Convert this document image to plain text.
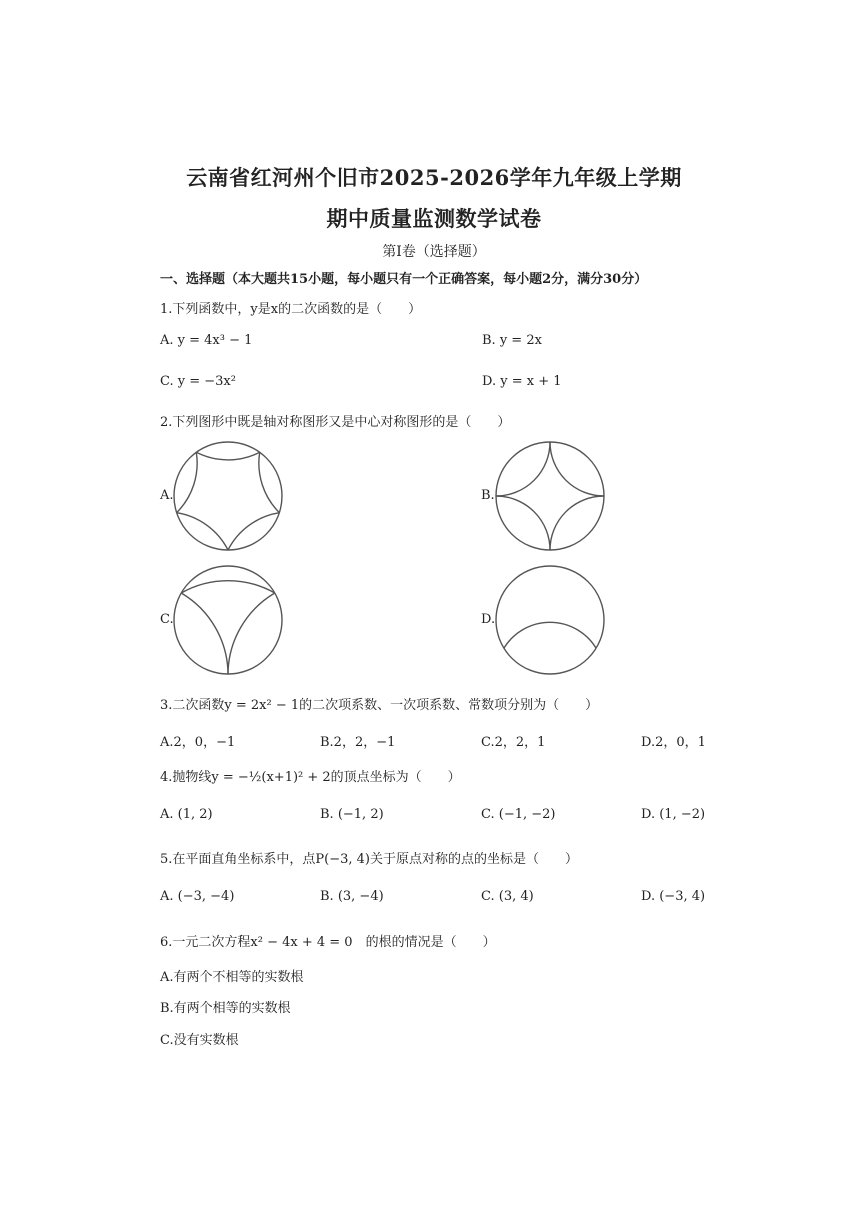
云南省红河州个旧市2025-2026学年九年级上学期
期中质量监测数学试卷
第Ⅰ卷（选择题）
一、选择题（本大题共15小题，每小题只有一个正确答案，每小题2分，满分30分）
1.下列函数中，y是x的二次函数的是（　　）
A. y = 4x³ − 1	B. y = 2x
C. y = −3x²	D. y = x + 1
2.下列图形中既是轴对称图形又是中心对称图形的是（　　）
A.	B.
C.	D.
3.二次函数y = 2x² − 1的二次项系数、一次项系数、常数项分别为（　　）
A.2，0，−1	B.2，2，−1	C.2，2，1	D.2，0，1
4.抛物线y = −½(x+1)² + 2的顶点坐标为（　　）
A. (1, 2)	B. (−1, 2)	C. (−1, −2)	D. (1, −2)
5.在平面直角坐标系中，点P(−3, 4)关于原点对称的点的坐标是（　　）
A. (−3, −4)	B. (3, −4)	C. (3, 4)	D. (−3, 4)
6.一元二次方程x² − 4x + 4 = 0　的根的情况是（　　）
A.有两个不相等的实数根
B.有两个相等的实数根
C.没有实数根
